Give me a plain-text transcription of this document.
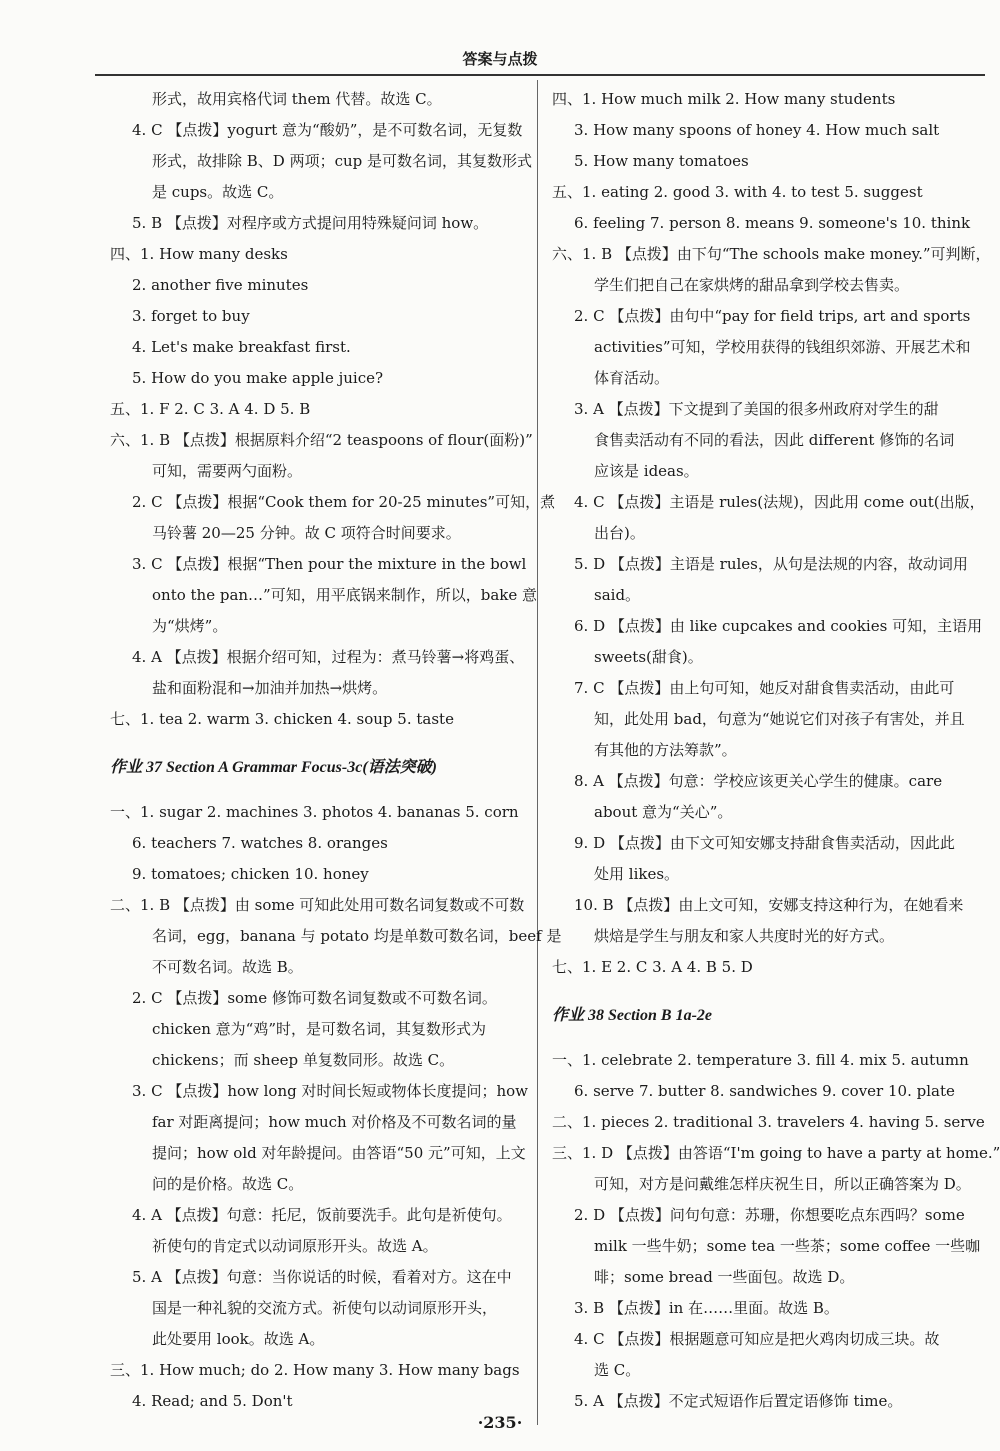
答案与点拨
形式，故用宾格代词 them 代替。故选 C。
4. C 【点拨】yogurt 意为“酸奶”，是不可数名词，无复数
形式，故排除 B、D 两项；cup 是可数名词，其复数形式
是 cups。故选 C。
5. B 【点拨】对程序或方式提问用特殊疑问词 how。
四、1. How many desks
2. another five minutes
3. forget to buy
4. Let's make breakfast first.
5. How do you make apple juice?
五、1. F 2. C 3. A 4. D 5. B
六、1. B 【点拨】根据原料介绍“2 teaspoons of flour(面粉)”
可知，需要两勺面粉。
2. C 【点拨】根据“Cook them for 20-25 minutes”可知，煮
马铃薯 20—25 分钟。故 C 项符合时间要求。
3. C 【点拨】根据“Then pour the mixture in the bowl
onto the pan…”可知，用平底锅来制作，所以，bake 意
为“烘烤”。
4. A 【点拨】根据介绍可知，过程为：煮马铃薯→将鸡蛋、
盐和面粉混和→加油并加热→烘烤。
七、1. tea 2. warm 3. chicken 4. soup 5. taste
作业 37 Section A Grammar Focus-3c(语法突破)
一、1. sugar 2. machines 3. photos 4. bananas 5. corn
6. teachers 7. watches 8. oranges
9. tomatoes; chicken 10. honey
二、1. B 【点拨】由 some 可知此处用可数名词复数或不可数
名词，egg，banana 与 potato 均是单数可数名词，beef 是
不可数名词。故选 B。
2. C 【点拨】some 修饰可数名词复数或不可数名词。
chicken 意为“鸡”时，是可数名词，其复数形式为
chickens；而 sheep 单复数同形。故选 C。
3. C 【点拨】how long 对时间长短或物体长度提问；how
far 对距离提问；how much 对价格及不可数名词的量
提问；how old 对年龄提问。由答语“50 元”可知，上文
问的是价格。故选 C。
4. A 【点拨】句意：托尼，饭前要洗手。此句是祈使句。
祈使句的肯定式以动词原形开头。故选 A。
5. A 【点拨】句意：当你说话的时候，看着对方。这在中
国是一种礼貌的交流方式。祈使句以动词原形开头，
此处要用 look。故选 A。
三、1. How much; do 2. How many 3. How many bags
4. Read; and 5. Don't
四、1. How much milk 2. How many students
3. How many spoons of honey 4. How much salt
5. How many tomatoes
五、1. eating 2. good 3. with 4. to test 5. suggest
6. feeling 7. person 8. means 9. someone's 10. think
六、1. B 【点拨】由下句“The schools make money.”可判断，
学生们把自己在家烘烤的甜品拿到学校去售卖。
2. C 【点拨】由句中“pay for field trips, art and sports
activities”可知，学校用获得的钱组织郊游、开展艺术和
体育活动。
3. A 【点拨】下文提到了美国的很多州政府对学生的甜
食售卖活动有不同的看法，因此 different 修饰的名词
应该是 ideas。
4. C 【点拨】主语是 rules(法规)，因此用 come out(出版，
出台)。
5. D 【点拨】主语是 rules，从句是法规的内容，故动词用
said。
6. D 【点拨】由 like cupcakes and cookies 可知，主语用
sweets(甜食)。
7. C 【点拨】由上句可知，她反对甜食售卖活动，由此可
知，此处用 bad，句意为“她说它们对孩子有害处，并且
有其他的方法筹款”。
8. A 【点拨】句意：学校应该更关心学生的健康。care
about 意为“关心”。
9. D 【点拨】由下文可知安娜支持甜食售卖活动，因此此
处用 likes。
10. B 【点拨】由上文可知，安娜支持这种行为，在她看来
烘焙是学生与朋友和家人共度时光的好方式。
七、1. E 2. C 3. A 4. B 5. D
作业 38 Section B 1a-2e
一、1. celebrate 2. temperature 3. fill 4. mix 5. autumn
6. serve 7. butter 8. sandwiches 9. cover 10. plate
二、1. pieces 2. traditional 3. travelers 4. having 5. serve
三、1. D 【点拨】由答语“I'm going to have a party at home.”
可知，对方是问戴维怎样庆祝生日，所以正确答案为 D。
2. D 【点拨】问句句意：苏珊，你想要吃点东西吗？some
milk 一些牛奶；some tea 一些茶；some coffee 一些咖
啡；some bread 一些面包。故选 D。
3. B 【点拨】in 在……里面。故选 B。
4. C 【点拨】根据题意可知应是把火鸡肉切成三块。故
选 C。
5. A 【点拨】不定式短语作后置定语修饰 time。
·235·
